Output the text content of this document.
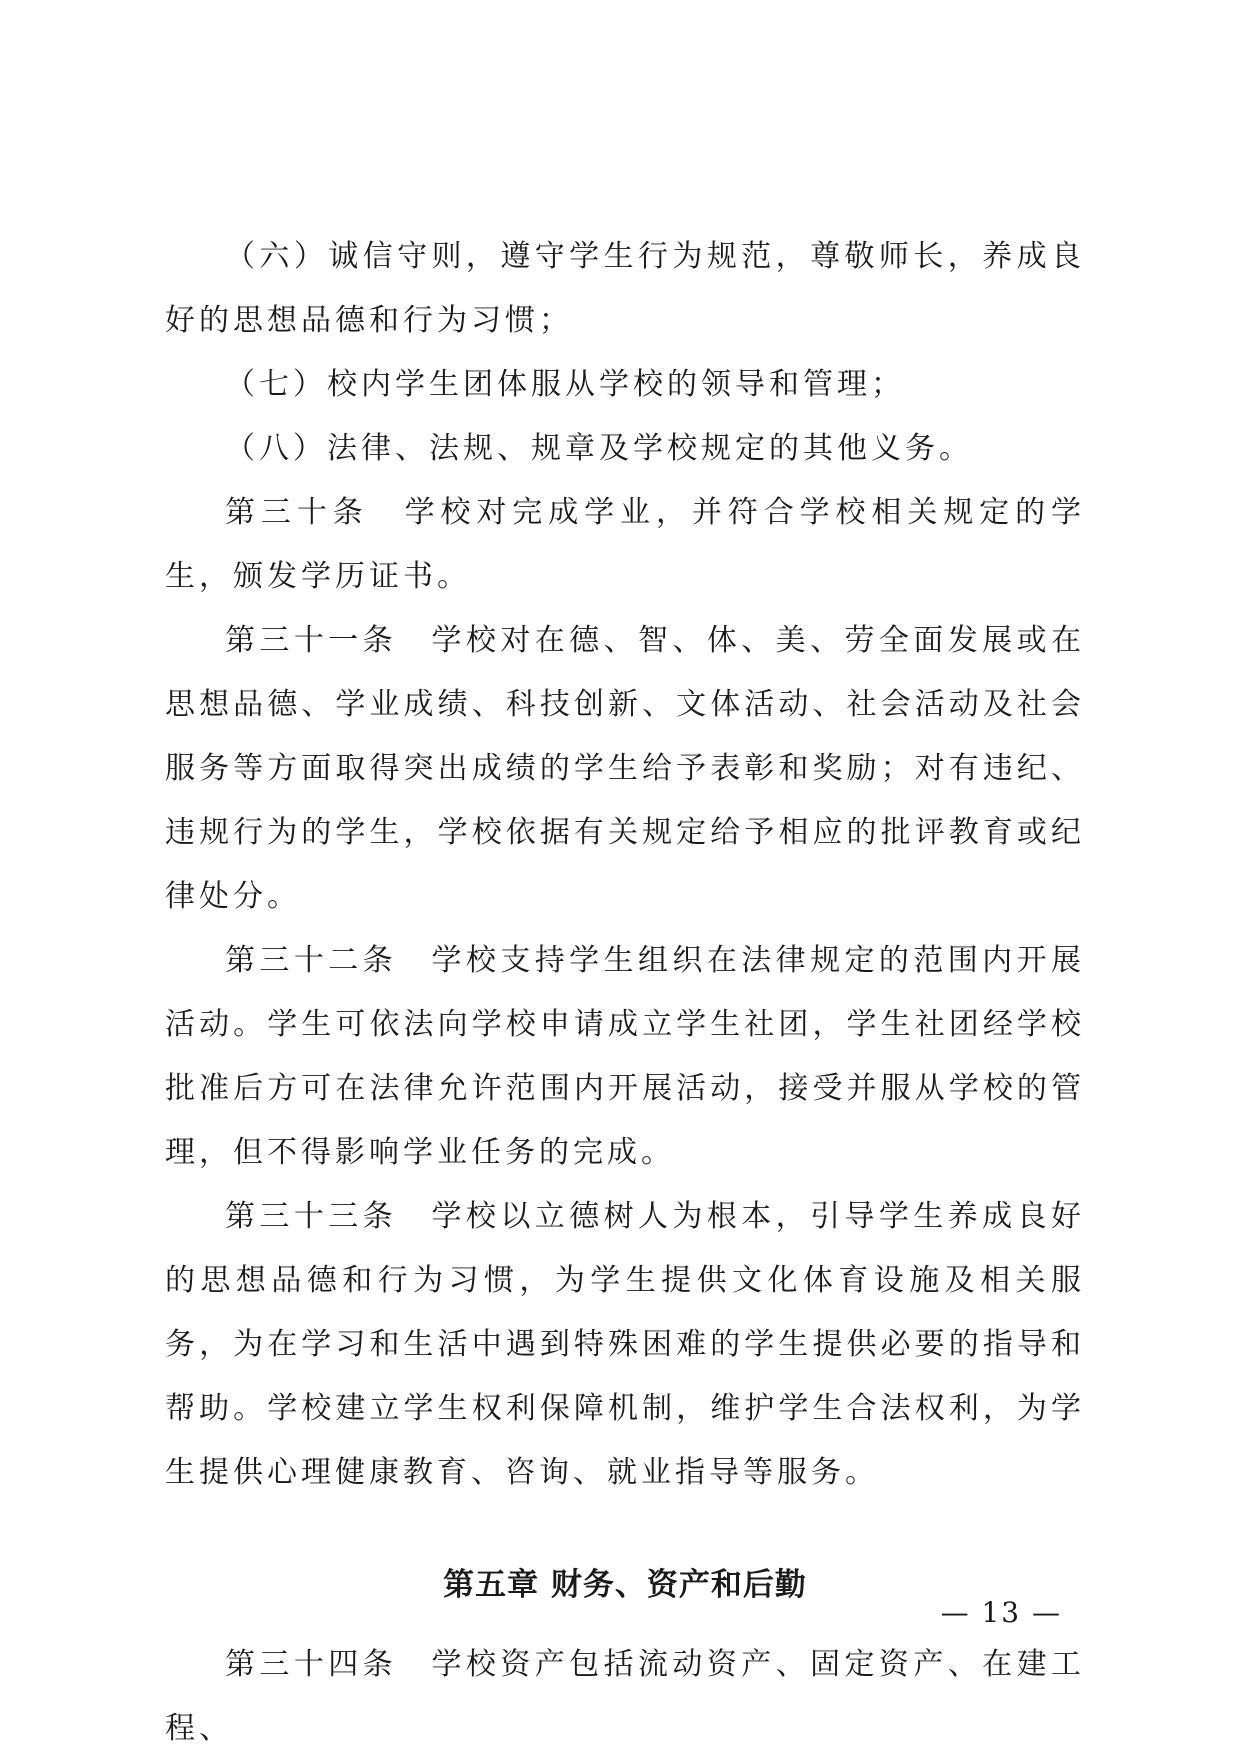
（六）诚信守则，遵守学生行为规范，尊敬师长，养成良好的思想品德和行为习惯；

（七）校内学生团体服从学校的领导和管理；

（八）法律、法规、规章及学校规定的其他义务。

第三十条　学校对完成学业，并符合学校相关规定的学生，颁发学历证书。

第三十一条　学校对在德、智、体、美、劳全面发展或在思想品德、学业成绩、科技创新、文体活动、社会活动及社会服务等方面取得突出成绩的学生给予表彰和奖励；对有违纪、违规行为的学生，学校依据有关规定给予相应的批评教育或纪律处分。

第三十二条　学校支持学生组织在法律规定的范围内开展活动。学生可依法向学校申请成立学生社团，学生社团经学校批准后方可在法律允许范围内开展活动，接受并服从学校的管理，但不得影响学业任务的完成。

第三十三条　学校以立德树人为根本，引导学生养成良好的思想品德和行为习惯，为学生提供文化体育设施及相关服务，为在学习和生活中遇到特殊困难的学生提供必要的指导和帮助。学校建立学生权利保障机制，维护学生合法权利，为学生提供心理健康教育、咨询、就业指导等服务。

第五章 财务、资产和后勤

第三十四条　学校资产包括流动资产、固定资产、在建工程、

— 13 —
